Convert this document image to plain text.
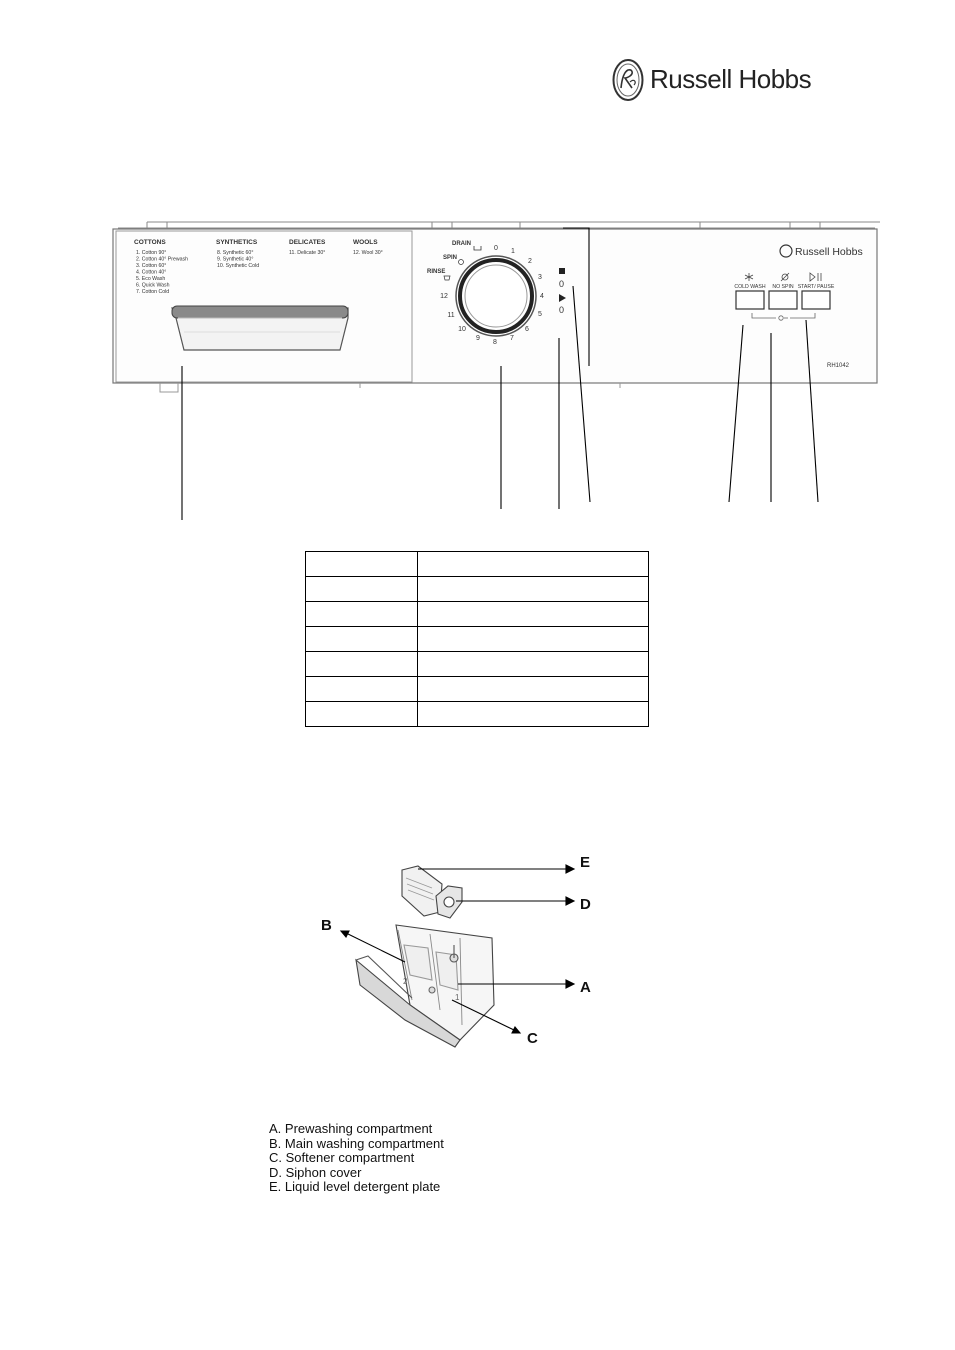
Russell Hobbs
COTTONS
1. Cotton 90°
2. Cotton 40° Prewash
3. Cotton 60°
4. Cotton 40°
5. Eco Wash
6. Quick Wash
7. Cotton Cold
SYNTHETICS
8. Synthetic 60°
9. Synthetic 40°
10. Synthetic Cold
DELICATES
11. Delicate 30°
WOOLS
12. Wool 30°
DRAIN
SPIN
RINSE
0 1
2
3
4
5
6
7
8
9
10
11
12
0
0
Russell Hobbs
COLD WASH NO SPIN START/ PAUSE
RH1042

2
1
E
D
A
B
C
A. Prewashing compartment
B. Main washing compartment
C. Softener compartment
D. Siphon cover
E. Liquid level detergent plate
